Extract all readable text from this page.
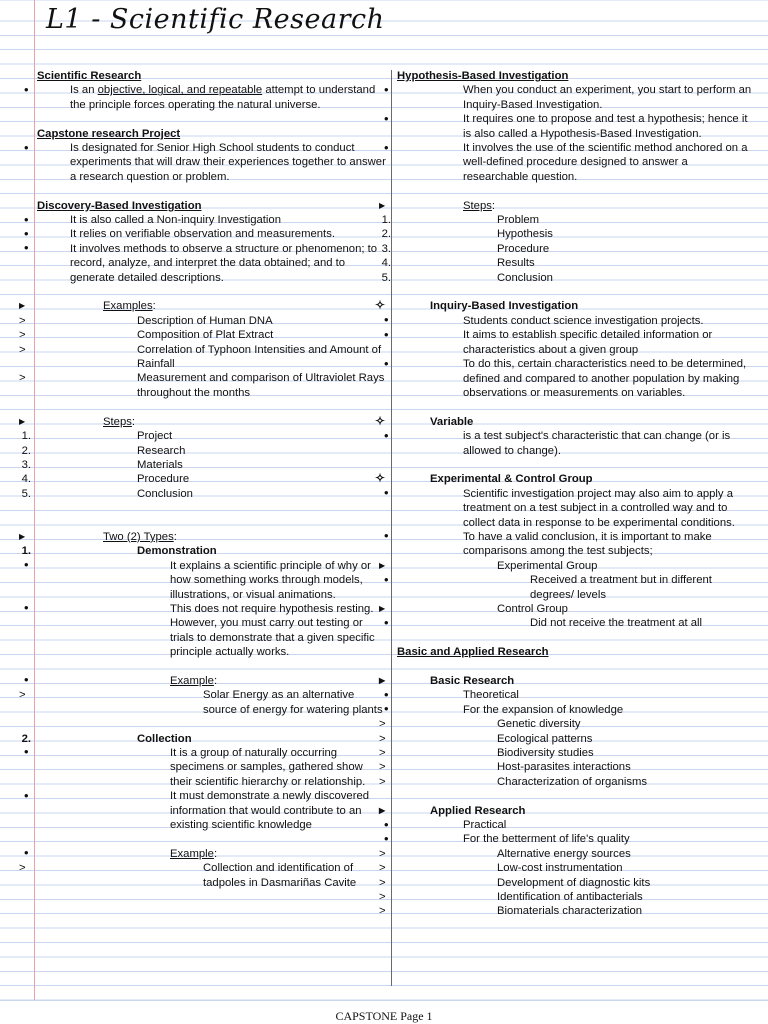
L1 - Scientific Research
Scientific Research
•	Is an objective, logical, and repeatable attempt to understand the principle forces operating the natural universe.
Capstone research Project
•	Is designated for Senior High School students to conduct experiments that will draw their experiences together to answer a research question or problem.
Discovery-Based Investigation
•	It is also called a Non-inquiry Investigation
•	It relies on verifiable observation and measurements.
•	It involves methods to observe a structure or phenomenon; to record, analyze, and interpret the data obtained; and to generate detailed descriptions.
▶	Examples:
>	Description of Human DNA
>	Composition of Plat Extract
>	Correlation of Typhoon Intensities and Amount of Rainfall
>	Measurement and comparison of Ultraviolet Rays throughout the months
▶	Steps:
1.	Project
2.	Research
3.	Materials
4.	Procedure
5.	Conclusion
▶	Two (2) Types:
1.	Demonstration
•	It explains a scientific principle of why or how something works through models, illustrations, or visual animations.
•	This does not require hypothesis resting. However, you must carry out testing or trials to demonstrate that a given specific principle actually works.
•	Example:
>	Solar Energy as an alternative source of energy for watering plants
2.	Collection
•	It is a group of naturally occurring specimens or samples, gathered show their scientific hierarchy or relationship.
•	It must demonstrate a newly discovered information that would contribute to an existing scientific knowledge
•	Example:
>	Collection and identification of tadpoles in Dasmariñas Cavite
Hypothesis-Based Investigation
•	When you conduct an experiment, you start to perform an Inquiry-Based Investigation.
•	It requires one to propose and test a hypothesis; hence it is also called a Hypothesis-Based Investigation.
•	It involves the use of the scientific method anchored on a well-defined procedure designed to answer a researchable question.
▶	Steps:
1.	Problem
2.	Hypothesis
3.	Procedure
4.	Results
5.	Conclusion
✧	Inquiry-Based Investigation
•	Students conduct science investigation projects.
•	It aims to establish specific detailed information or characteristics about a given group
•	To do this, certain characteristics need to be determined, defined and compared to another population by making observations or measurements on variables.
✧	Variable
•	is a test subject's characteristic that can change (or is allowed to change).
✧	Experimental & Control Group
•	Scientific investigation project may also aim to apply a treatment on a test subject in a controlled way and to collect data in response to be experimental conditions.
•	To have a valid conclusion, it is important to make comparisons among the test subjects;
▶	Experimental Group
•	Received a treatment but in different degrees/ levels
▶	Control Group
•	Did not receive the treatment at all
Basic and Applied Research
▶	Basic Research
•	Theoretical
•	For the expansion of knowledge
>	Genetic diversity
>	Ecological patterns
>	Biodiversity studies
>	Host-parasites interactions
>	Characterization of organisms
▶	Applied Research
•	Practical
•	For the betterment of life's quality
>	Alternative energy sources
>	Low-cost instrumentation
>	Development of diagnostic kits
>	Identification of antibacterials
>	Biomaterials characterization
CAPSTONE Page 1
